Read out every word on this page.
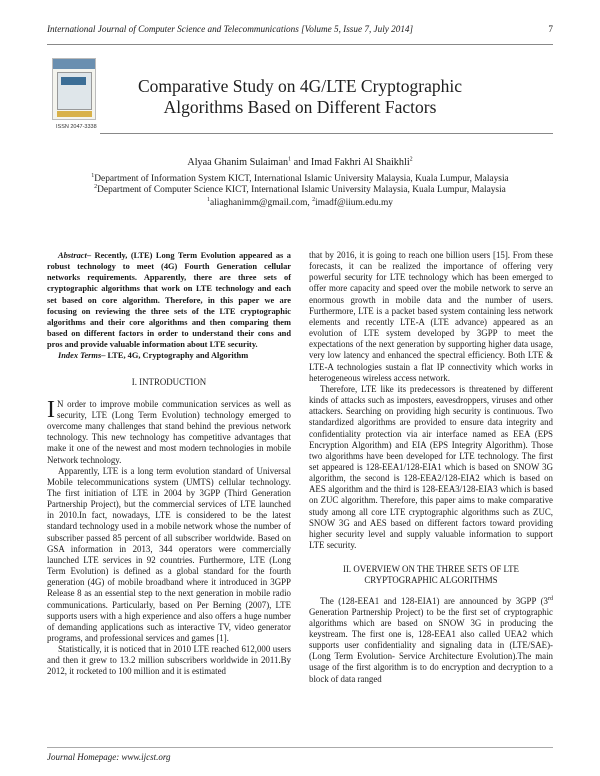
International Journal of Computer Science and Telecommunications [Volume 5, Issue 7, July 2014]	7
ISSN 2047-3338
Comparative Study on 4G/LTE Cryptographic
Algorithms Based on Different Factors
Alyaa Ghanim Sulaiman$^1$ and Imad Fakhri Al Shaikhli$^2$
$^1$Department of Information System KICT, International Islamic University Malaysia, Kuala Lumpur, Malaysia
$^2$Department of Computer Science KICT, International Islamic University Malaysia, Kuala Lumpur, Malaysia
$^1$aliaghanimm@gmail.com, $^2$imadf@iium.edu.my

Abstract– Recently, (LTE) Long Term Evolution appeared as a robust technology to meet (4G) Fourth Generation cellular networks requirements. Apparently, there are three sets of cryptographic algorithms that work on LTE technology and each set based on core algorithm. Therefore, in this paper we are focusing on reviewing the three sets of the LTE cryptographic algorithms and their core algorithms and then comparing them based on different factors in order to understand their cons and pros and provide valuable information about LTE security.

Index Terms– LTE, 4G, Cryptography and Algorithm

I. INTRODUCTION

I N order to improve mobile communication services as well as security, LTE (Long Term Evolution) technology emerged to overcome many challenges that stand behind the previous network technology. This new technology has competitive advantages that make it one of the newest and most modern technologies in mobile Network technology.

Apparently, LTE is a long term evolution standard of Universal Mobile telecommunications system (UMTS) cellular technology. The first initiation of LTE in 2004 by 3GPP (Third Generation Partnership Project), but the commercial services of LTE launched in 2010.In fact, nowadays, LTE is considered to be the latest standard technology used in a mobile network whose the number of subscriber passed 85 percent of all subscriber worldwide. Based on GSA information in 2013, 344 operators were commercially launched LTE services in 92 countries. Furthermore, LTE (Long Term Evolution) is defined as a global standard for the fourth generation (4G) of mobile broadband where it introduced in 3GPP Release 8 as an essential step to the next generation in mobile radio communications. Particularly, based on Per Berning (2007), LTE supports users with a high experience and also offers a huge number of demanding applications such as interactive TV, video generator programs, and professional services and games [1].

Statistically, it is noticed that in 2010 LTE reached 612,000 users and then it grew to 13.2 million subscribers worldwide in 2011.By 2012, it rocketed to 100 million and it is estimated

that by 2016, it is going to reach one billion users [15]. From these forecasts, it can be realized the importance of offering very powerful security for LTE technology which has been emerged to offer more capacity and speed over the mobile network to serve an enormous growth in mobile data and the number of users. Furthermore, LTE is a packet based system containing less network elements and recently LTE-A (LTE advance) appeared as an evolution of LTE system developed by 3GPP to meet the expectations of the next generation by supporting higher data usage, very low latency and enhanced the spectral efficiency. Both LTE & LTE-A technologies sustain a flat IP connectivity which works in heterogeneous wireless access network.

Therefore, LTE like its predecessors is threatened by different kinds of attacks such as imposters, eavesdroppers, viruses and other attackers. Searching on providing high security is continuous. Two standardized algorithms are provided to ensure data integrity and confidentiality protection via air interface named as EEA (EPS Encryption Algorithm) and EIA (EPS Integrity Algorithm). Those two algorithms have been developed for LTE technology. The first set appeared is 128-EEA1/128-EIA1 which is based on SNOW 3G algorithm, the second is 128-EEA2/128-EIA2 which is based on AES algorithm and the third is 128-EEA3/128-EIA3 which is based on ZUC algorithm. Therefore, this paper aims to make comparative study among all core LTE cryptographic algorithms such as ZUC, SNOW 3G and AES based on different factors toward providing higher security level and supply valuable information to support LTE security.

II. OVERVIEW ON THE THREE SETS OF LTE
CRYPTOGRAPHIC ALGORITHMS

The (128-EEA1 and 128-EIA1) are announced by 3GPP (3rd Generation Partnership Project) to be the first set of cryptographic algorithms which are based on SNOW 3G in producing the keystream. The first one is, 128-EEA1 also called UEA2 which supports user confidentiality and signaling data in (LTE/SAE)-(Long Term Evolution- Service Architecture Evolution).The main usage of the first algorithm is to do encryption and decryption to a block of data ranged

Journal Homepage: www.ijcst.org
